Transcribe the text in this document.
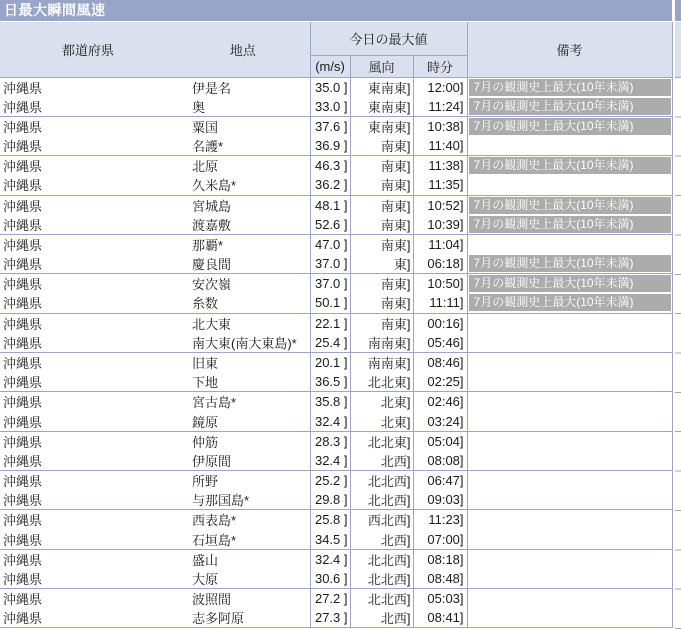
日最大瞬間風速
都道府県	地点	今日の最大値			備考
		(m/s)	風向	時分	
沖縄県	伊是名	35.0 ]	東南東]	12:00]	7月の観測史上最大(10年未満)

沖縄県	奥	33.0 ]	東南東]	11:24]	7月の観測史上最大(10年未満)

沖縄県	粟国	37.6 ]	東南東]	10:38]	7月の観測史上最大(10年未満)

沖縄県	名護*	36.9 ]	南東]	11:40]	
沖縄県	北原	46.3 ]	南東]	11:38]	7月の観測史上最大(10年未満)

沖縄県	久米島*	36.2 ]	南東]	11:35]	
沖縄県	宮城島	48.1 ]	南東]	10:52]	7月の観測史上最大(10年未満)

沖縄県	渡嘉敷	52.6 ]	南東]	10:39]	7月の観測史上最大(10年未満)

沖縄県	那覇*	47.0 ]	南東]	11:04]	
沖縄県	慶良間	37.0 ]	東]	06:18]	7月の観測史上最大(10年未満)

沖縄県	安次嶺	37.0 ]	南東]	10:50]	7月の観測史上最大(10年未満)

沖縄県	糸数	50.1 ]	南東]	11:11]	7月の観測史上最大(10年未満)

沖縄県	北大東	22.1 ]	南東]	00:16]	
沖縄県	南大東(南大東島)*	25.4 ]	南南東]	05:46]	
沖縄県	旧東	20.1 ]	南南東]	08:46]	
沖縄県	下地	36.5 ]	北北東]	02:25]	
沖縄県	宮古島*	35.8 ]	北東]	02:46]	
沖縄県	鏡原	32.4 ]	北東]	03:24]	
沖縄県	仲筋	28.3 ]	北北東]	05:04]	
沖縄県	伊原間	32.4 ]	北西]	08:08]	
沖縄県	所野	25.2 ]	北北西]	06:47]	
沖縄県	与那国島*	29.8 ]	北北西]	09:03]	
沖縄県	西表島*	25.8 ]	西北西]	11:23]	
沖縄県	石垣島*	34.5 ]	北西]	07:00]	
沖縄県	盛山	32.4 ]	北北西]	08:18]	
沖縄県	大原	30.6 ]	北北西]	08:48]	
沖縄県	波照間	27.2 ]	北北西]	05:03]	
沖縄県	志多阿原	27.3 ]	北西]	08:41]	
